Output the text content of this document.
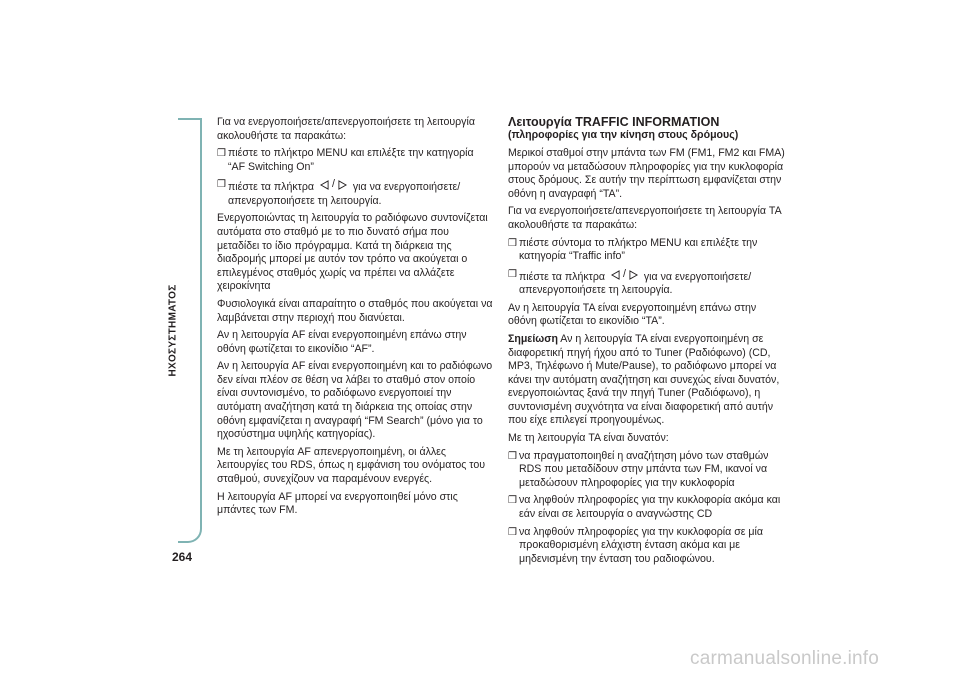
ΗΧΟΣΥΣΤΗΜΑΤΟΣ
264

Για να ενεργοποιήσετε/απενεργοποιήσετε τη λειτουργία ακολουθήστε τα παρακάτω:

❒ πιέστε το πλήκτρο MENU και επιλέξτε την κατηγορία “AF Switching On”
❒ πιέστε τα πλήκτρα / για να ενεργοποιήσετε/απενεργοποιήσετε τη λειτουργία.

Ενεργοποιώντας τη λειτουργία το ραδιόφωνο συντονίζεται αυτόματα στο σταθμό με το πιο δυνατό σήμα που μεταδίδει το ίδιο πρόγραμμα. Κατά τη διάρκεια της διαδρομής μπορεί με αυτόν τον τρόπο να ακούγεται ο επιλεγμένος σταθμός χωρίς να πρέπει να αλλάζετε χειροκίνητα

Φυσιολογικά είναι απαραίτητο ο σταθμός που ακούγεται να λαμβάνεται στην περιοχή που διανύεται.

Αν η λειτουργία AF είναι ενεργοποιημένη επάνω στην οθόνη φωτίζεται το εικονίδιο “AF”.

Αν η λειτουργία AF είναι ενεργοποιημένη και το ραδιόφωνο δεν είναι πλέον σε θέση να λάβει το σταθμό στον οποίο είναι συντονισμένο, το ραδιόφωνο ενεργοποιεί την αυτόματη αναζήτηση κατά τη διάρκεια της οποίας στην οθόνη εμφανίζεται η αναγραφή “FM Search” (μόνο για το ηχοσύστημα υψηλής κατηγορίας).

Με τη λειτουργία AF απενεργοποιημένη, οι άλλες λειτουργίες του RDS, όπως η εμφάνιση του ονόματος του σταθμού, συνεχίζουν να παραμένουν ενεργές.

Η λειτουργία AF μπορεί να ενεργοποιηθεί μόνο στις μπάντες των FM.

Λειτουργία TRAFFIC INFORMATION
(πληροφορίες για την κίνηση στους δρόμους)

Μερικοί σταθμοί στην μπάντα των FM (FM1, FM2 και FMA) μπορούν να μεταδώσουν πληροφορίες για την κυκλοφορία στους δρόμους. Σε αυτήν την περίπτωση εμφανίζεται στην οθόνη η αναγραφή “TA”.

Για να ενεργοποιήσετε/απενεργοποιήσετε τη λειτουργία TA ακολουθήστε τα παρακάτω:

❒ πιέστε σύντομα το πλήκτρο MENU και επιλέξτε την κατηγορία “Traffic info”
❒ πιέστε τα πλήκτρα / για να ενεργοποιήσετε/απενεργοποιήσετε τη λειτουργία.

Αν η λειτουργία TA είναι ενεργοποιημένη επάνω στην οθόνη φωτίζεται το εικονίδιο “TA”.

Σημείωση Αν η λειτουργία TA είναι ενεργοποιημένη σε διαφορετική πηγή ήχου από το Tuner (Ραδιόφωνο) (CD, MP3, Τηλέφωνο ή Mute/Pause), το ραδιόφωνο μπορεί να κάνει την αυτόματη αναζήτηση και συνεχώς είναι δυνατόν, ενεργοποιώντας ξανά την πηγή Tuner (Ραδιόφωνο), η συντονισμένη συχνότητα να είναι διαφορετική από αυτήν που είχε επιλεγεί προηγουμένως.

Με τη λειτουργία TA είναι δυνατόν:

❒ να πραγματοποιηθεί η αναζήτηση μόνο των σταθμών RDS που μεταδίδουν στην μπάντα των FM, ικανοί να μεταδώσουν πληροφορίες για την κυκλοφορία
❒ να ληφθούν πληροφορίες για την κυκλοφορία ακόμα και εάν είναι σε λειτουργία ο αναγνώστης CD
❒ να ληφθούν πληροφορίες για την κυκλοφορία σε μία προκαθορισμένη ελάχιστη ένταση ακόμα και με μηδενισμένη την ένταση του ραδιοφώνου.
carmanualsonline.info
